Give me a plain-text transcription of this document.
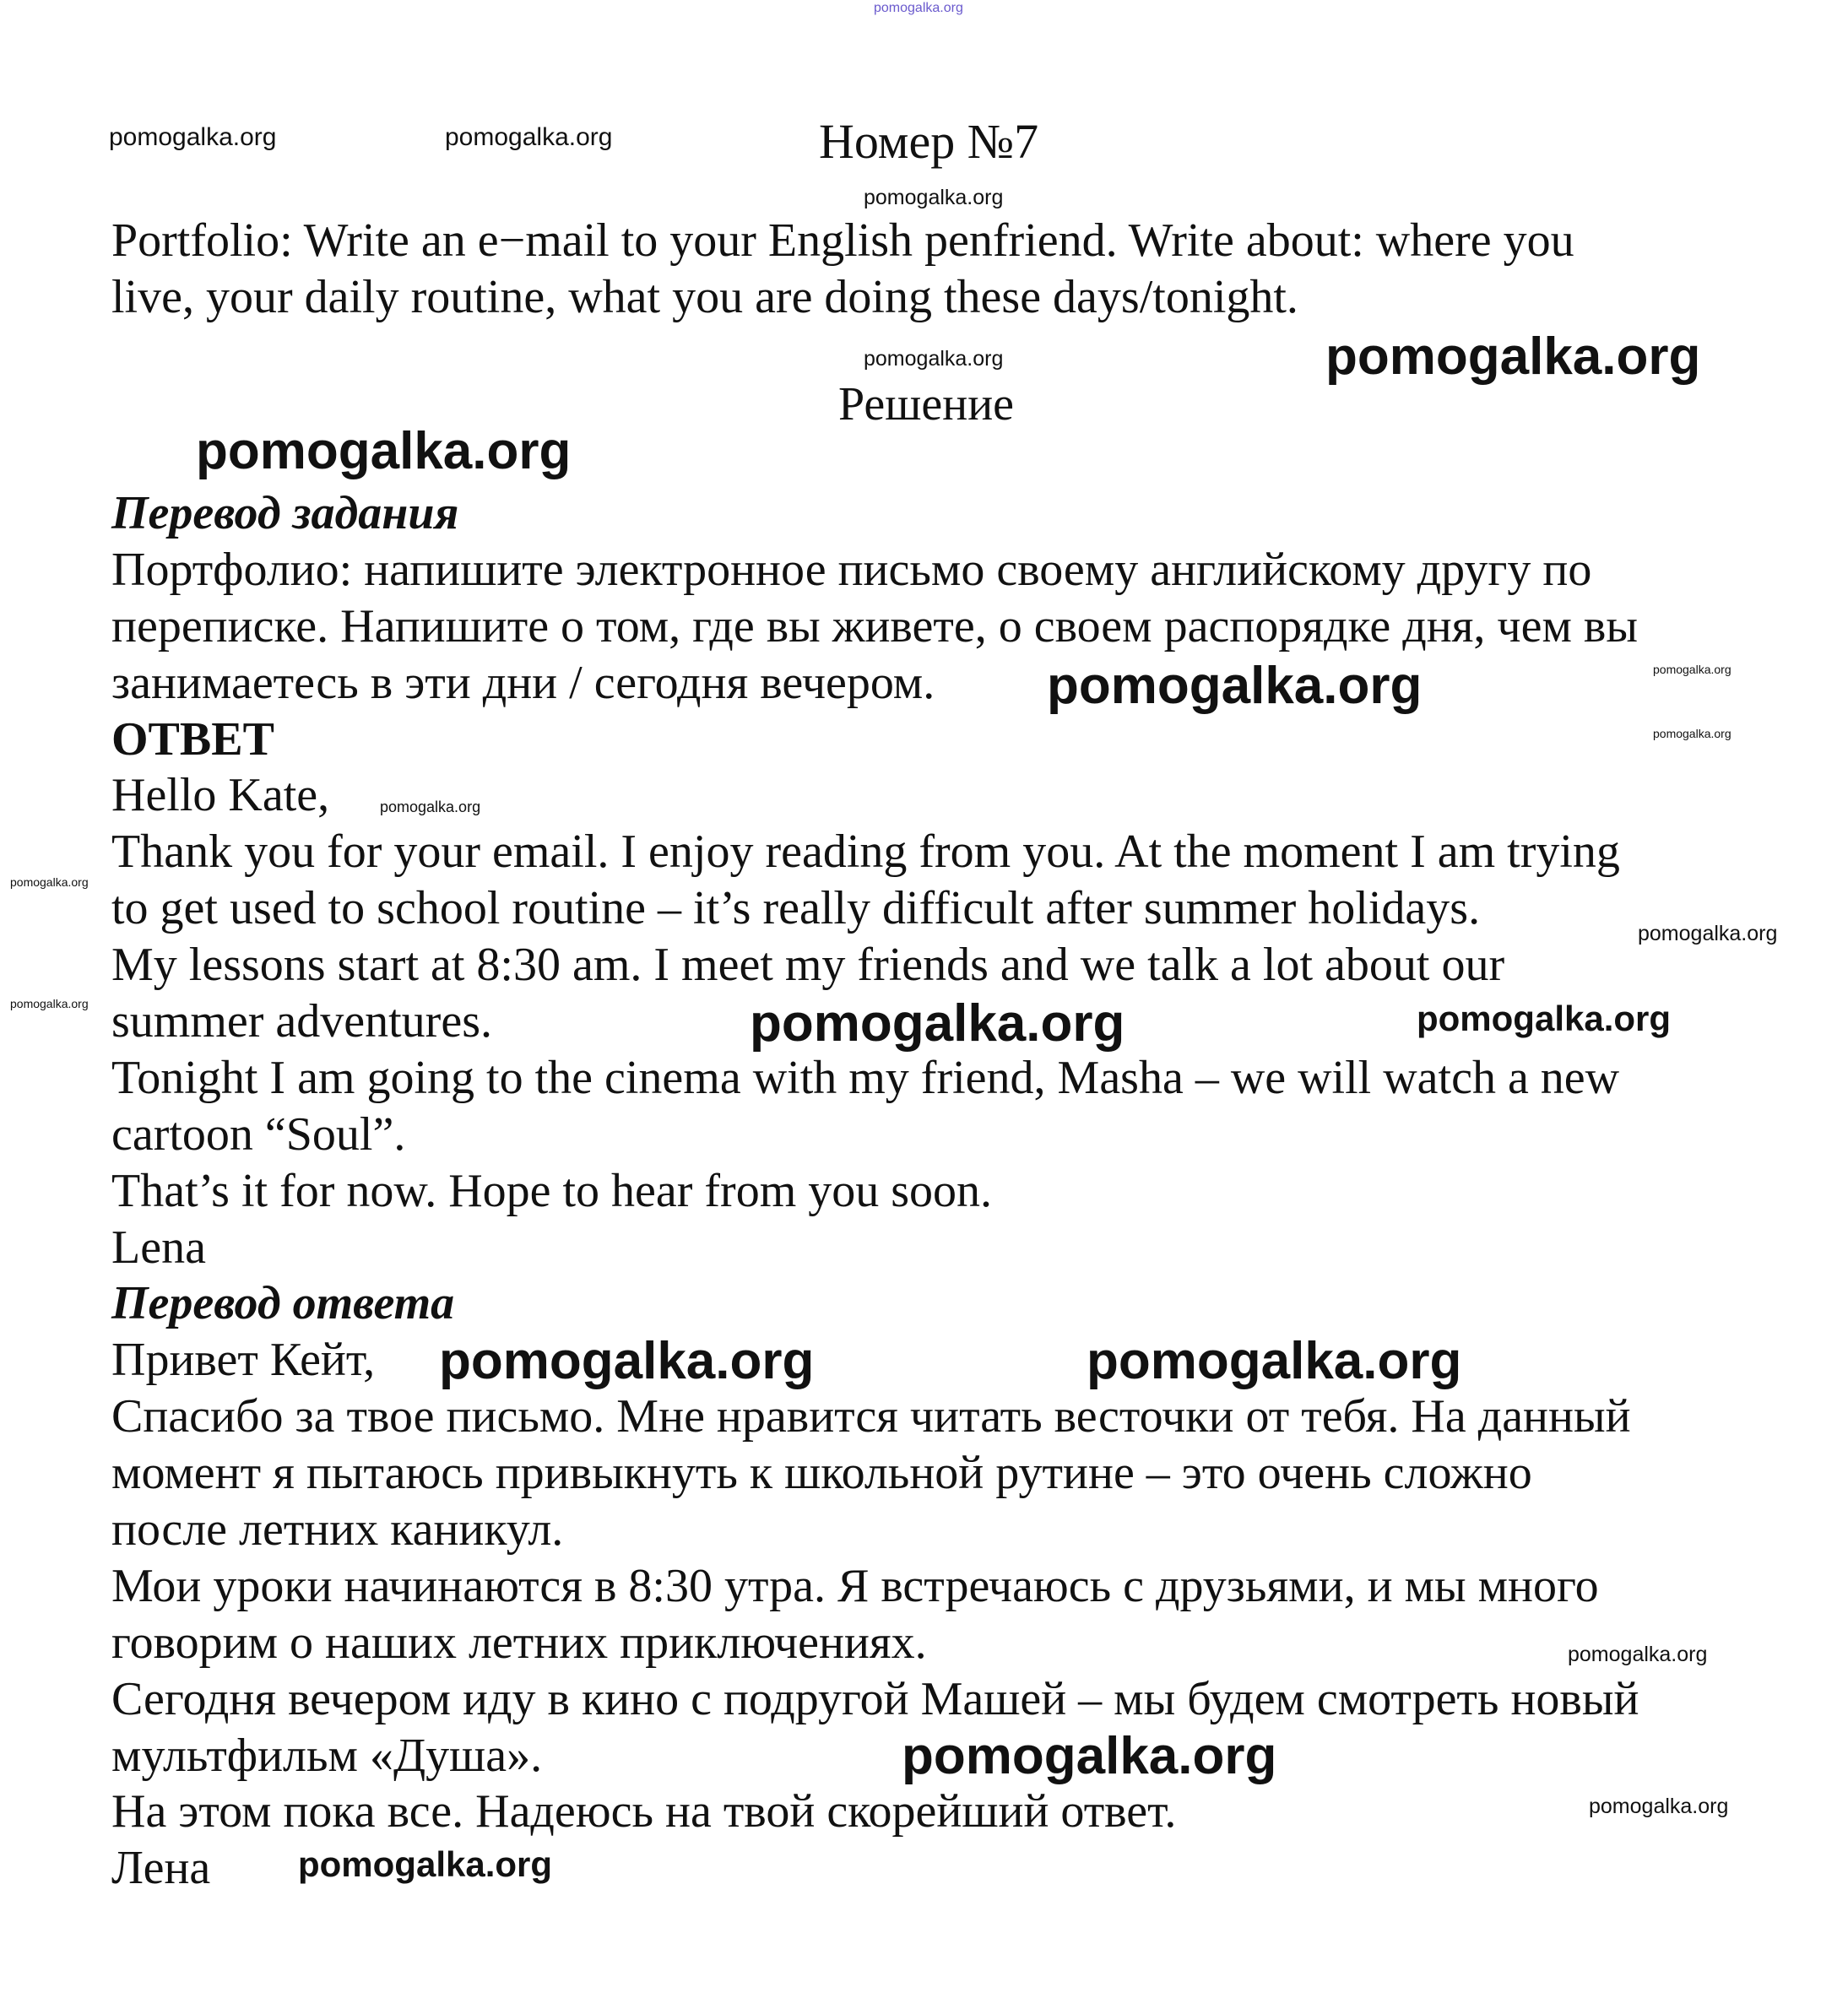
pomogalka.org
pomogalka.org	pomogalka.org	Номер №7
pomogalka.org
Portfolio: Write an e−mail to your English penfriend. Write about: where you
live, your daily routine, what you are doing these days/tonight.
pomogalka.org
pomogalka.org
Решение
pomogalka.org
Перевод задания
Портфолио: напишите электронное письмо своему английскому другу по
переписке. Напишите о том, где вы живете, о своем распорядке дня, чем вы
занимаетесь в эти дни / сегодня вечером.
ОТВЕТ
Hello Kate,
Thank you for your email. I enjoy reading from you. At the moment I am trying
to get used to school routine – it’s really difficult after summer holidays.
My lessons start at 8:30 am. I meet my friends and we talk a lot about our
summer adventures.
Tonight I am going to the cinema with my friend, Masha – we will watch a new
cartoon “Soul”.
That’s it for now. Hope to hear from you soon.
Lena
Перевод ответа
Привет Кейт,
Спасибо за твое письмо. Мне нравится читать весточки от тебя. На данный
момент я пытаюсь привыкнуть к школьной рутине – это очень сложно
после летних каникул.
Мои уроки начинаются в 8:30 утра. Я встречаюсь с друзьями, и мы много
говорим о наших летних приключениях.
Сегодня вечером иду в кино с подругой Машей – мы будем смотреть новый
мультфильм «Душа».
На этом пока все. Надеюсь на твой скорейший ответ.
Лена
pomogalka.org	pomogalka.org
pomogalka.org
pomogalka.org
pomogalka.org
pomogalka.org
pomogalka.org	pomogalka.org	pomogalka.org
pomogalka.org	pomogalka.org
pomogalka.org
pomogalka.org
pomogalka.org
pomogalka.org
